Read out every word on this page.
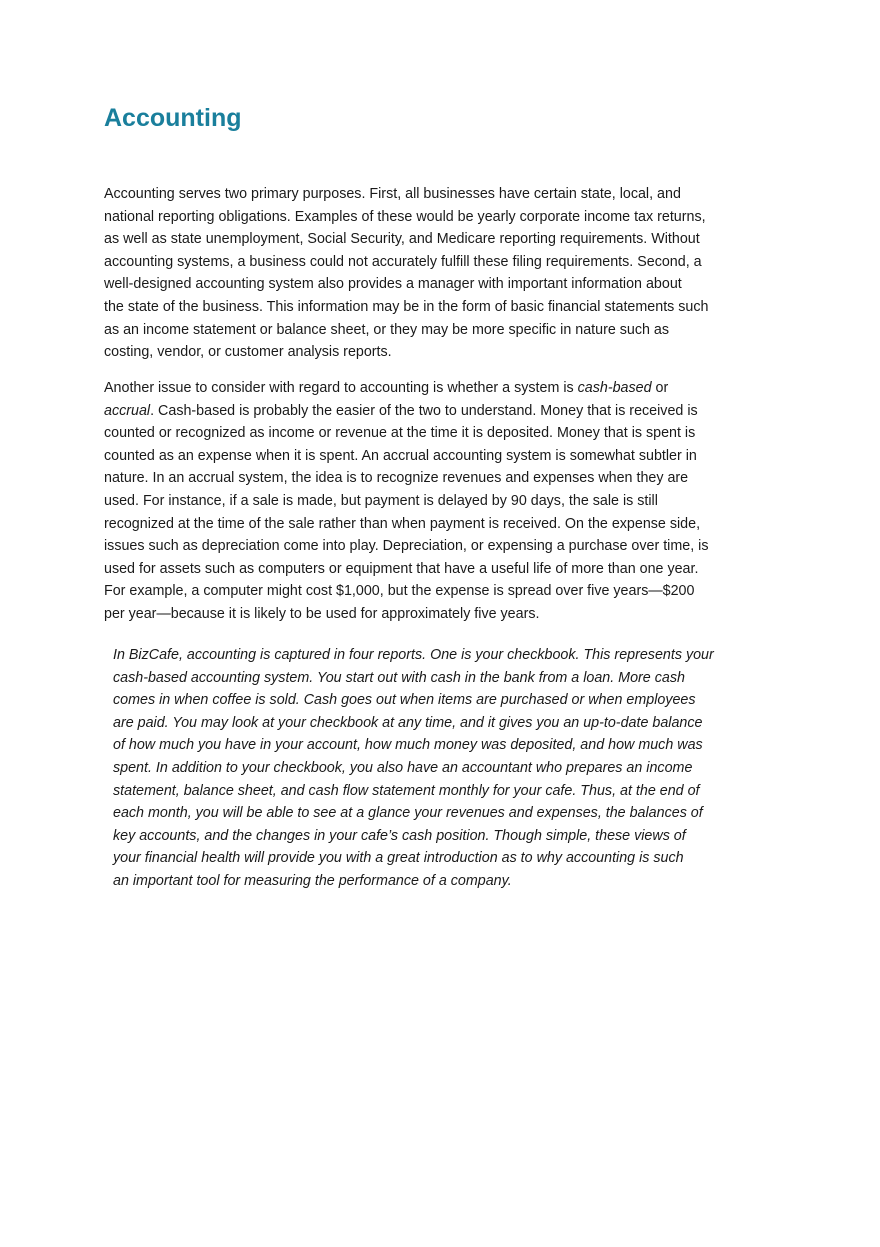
Accounting
Accounting serves two primary purposes. First, all businesses have certain state, local, and
national reporting obligations. Examples of these would be yearly corporate income tax returns,
as well as state unemployment, Social Security, and Medicare reporting requirements. Without
accounting systems, a business could not accurately fulfill these filing requirements. Second, a
well-designed accounting system also provides a manager with important information about
the state of the business. This information may be in the form of basic financial statements such
as an income statement or balance sheet, or they may be more specific in nature such as
costing, vendor, or customer analysis reports.
Another issue to consider with regard to accounting is whether a system is cash-based or
accrual. Cash-based is probably the easier of the two to understand. Money that is received is
counted or recognized as income or revenue at the time it is deposited. Money that is spent is
counted as an expense when it is spent. An accrual accounting system is somewhat subtler in
nature. In an accrual system, the idea is to recognize revenues and expenses when they are
used. For instance, if a sale is made, but payment is delayed by 90 days, the sale is still
recognized at the time of the sale rather than when payment is received. On the expense side,
issues such as depreciation come into play. Depreciation, or expensing a purchase over time, is
used for assets such as computers or equipment that have a useful life of more than one year.
For example, a computer might cost $1,000, but the expense is spread over five years—$200
per year—because it is likely to be used for approximately five years.
In BizCafe, accounting is captured in four reports. One is your checkbook. This represents your
cash-based accounting system. You start out with cash in the bank from a loan. More cash
comes in when coffee is sold. Cash goes out when items are purchased or when employees
are paid. You may look at your checkbook at any time, and it gives you an up-to-date balance
of how much you have in your account, how much money was deposited, and how much was
spent. In addition to your checkbook, you also have an accountant who prepares an income
statement, balance sheet, and cash flow statement monthly for your cafe. Thus, at the end of
each month, you will be able to see at a glance your revenues and expenses, the balances of
key accounts, and the changes in your cafe’s cash position. Though simple, these views of
your financial health will provide you with a great introduction as to why accounting is such
an important tool for measuring the performance of a company.
